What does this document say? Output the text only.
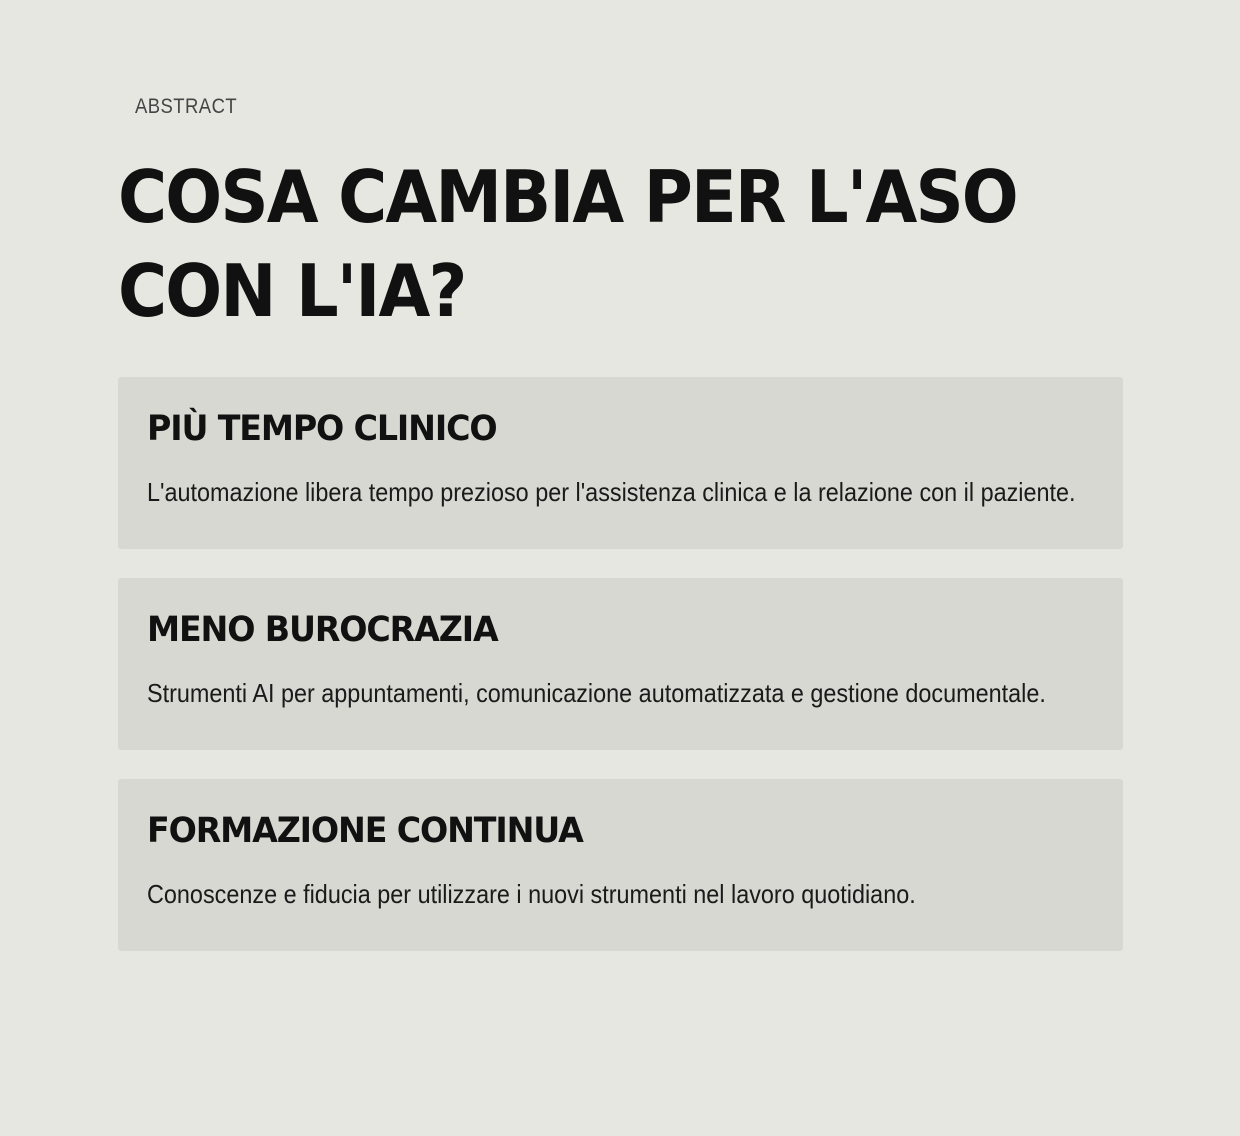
ABSTRACT
COSA CAMBIA PER L'ASO
CON L'IA?
PIÙ TEMPO CLINICO

L'automazione libera tempo prezioso per l'assistenza clinica e la relazione con il paziente.

MENO BUROCRAZIA

Strumenti AI per appuntamenti, comunicazione automatizzata e gestione documentale.

FORMAZIONE CONTINUA

Conoscenze e fiducia per utilizzare i nuovi strumenti nel lavoro quotidiano.
